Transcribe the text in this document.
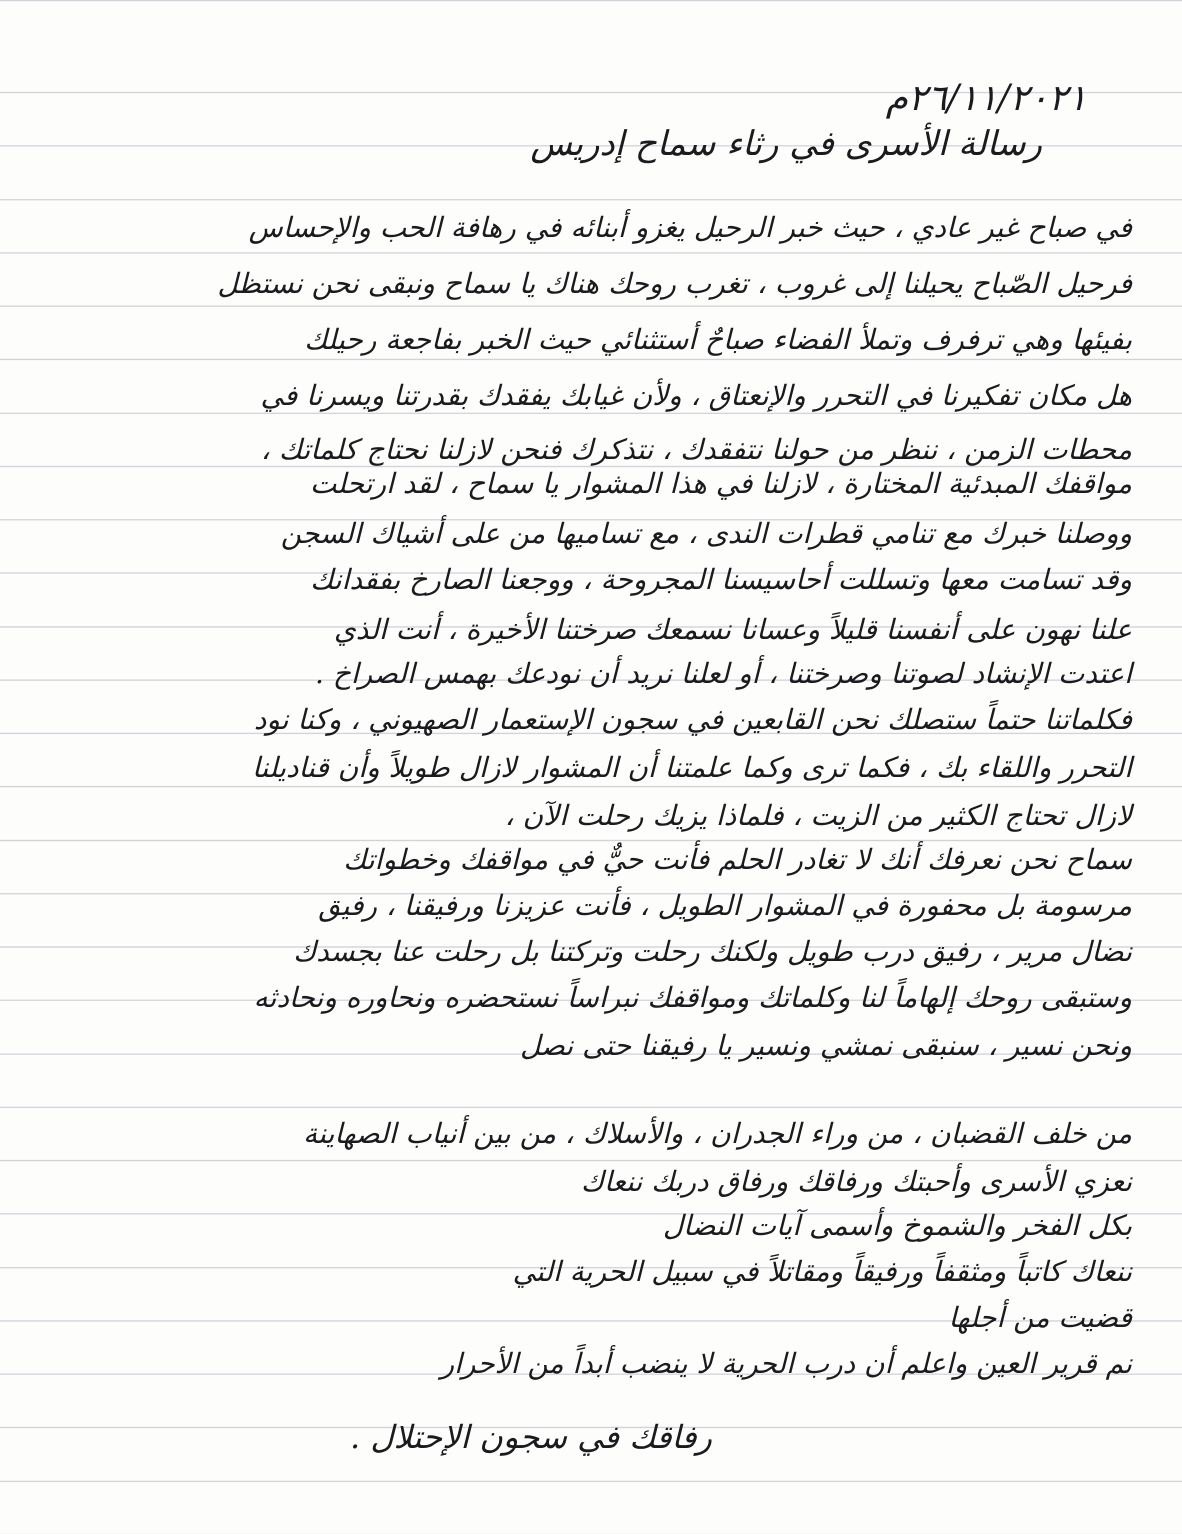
٢٦/١١/٢٠٢١م
رسالة الأسرى في رثاء سماح إدريس
في صباح غير عادي ، حيث خبر الرحيل يغزو أبنائه في رهافة الحب والإحساس
فرحيل الصّباح يحيلنا إلى غروب ، تغرب روحك هناك يا سماح ونبقى نحن نستظل
بفيئها وهي ترفرف وتملأ الفضاء صباحٌ أستثنائي حيث الخبر بفاجعة رحيلك
هل مكان تفكيرنا في التحرر والإنعتاق ، ولأن غيابك يفقدك بقدرتنا ويسرنا في
محطات الزمن ، ننظر من حولنا نتفقدك ، نتذكرك فنحن لازلنا نحتاج كلماتك ،
مواقفك المبدئية المختارة ، لازلنا في هذا المشوار يا سماح ، لقد ارتحلت
ووصلنا خبرك مع تنامي قطرات الندى ، مع تساميها من على أشياك السجن
وقد تسامت معها وتسللت أحاسيسنا المجروحة ، ووجعنا الصارخ بفقدانك
علنا نهون على أنفسنا قليلاً وعسانا نسمعك صرختنا الأخيرة ، أنت الذي
اعتدت الإنشاد لصوتنا وصرختنا ، أو لعلنا نريد أن نودعك بهمس الصراخ .
فكلماتنا حتماً ستصلك نحن القابعين في سجون الإستعمار الصهيوني ، وكنا نود
التحرر واللقاء بك ، فكما ترى وكما علمتنا أن المشوار لازال طويلاً وأن قناديلنا
لازال تحتاج الكثير من الزيت ، فلماذا يزيك رحلت الآن ،
سماح نحن نعرفك أنك لا تغادر الحلم فأنت حيٌّ في مواقفك وخطواتك
مرسومة بل محفورة في المشوار الطويل ، فأنت عزيزنا ورفيقنا ، رفيق
نضال مرير ، رفيق درب طويل ولكنك رحلت وتركتنا بل رحلت عنا بجسدك
وستبقى روحك إلهاماً لنا وكلماتك ومواقفك نبراساً نستحضره ونحاوره ونحادثه
ونحن نسير ، سنبقى نمشي ونسير يا رفيقنا حتى نصل
من خلف القضبان ، من وراء الجدران ، والأسلاك ، من بين أنياب الصهاينة
نعزي الأسرى وأحبتك ورفاقك ورفاق دربك ننعاك
بكل الفخر والشموخ وأسمى آيات النضال
ننعاك كاتباً ومثقفاً ورفيقاً ومقاتلاً في سبيل الحرية التي
قضيت من أجلها
نم قرير العين واعلم أن درب الحرية لا ينضب أبداً من الأحرار
رفاقك في سجون الإحتلال .
